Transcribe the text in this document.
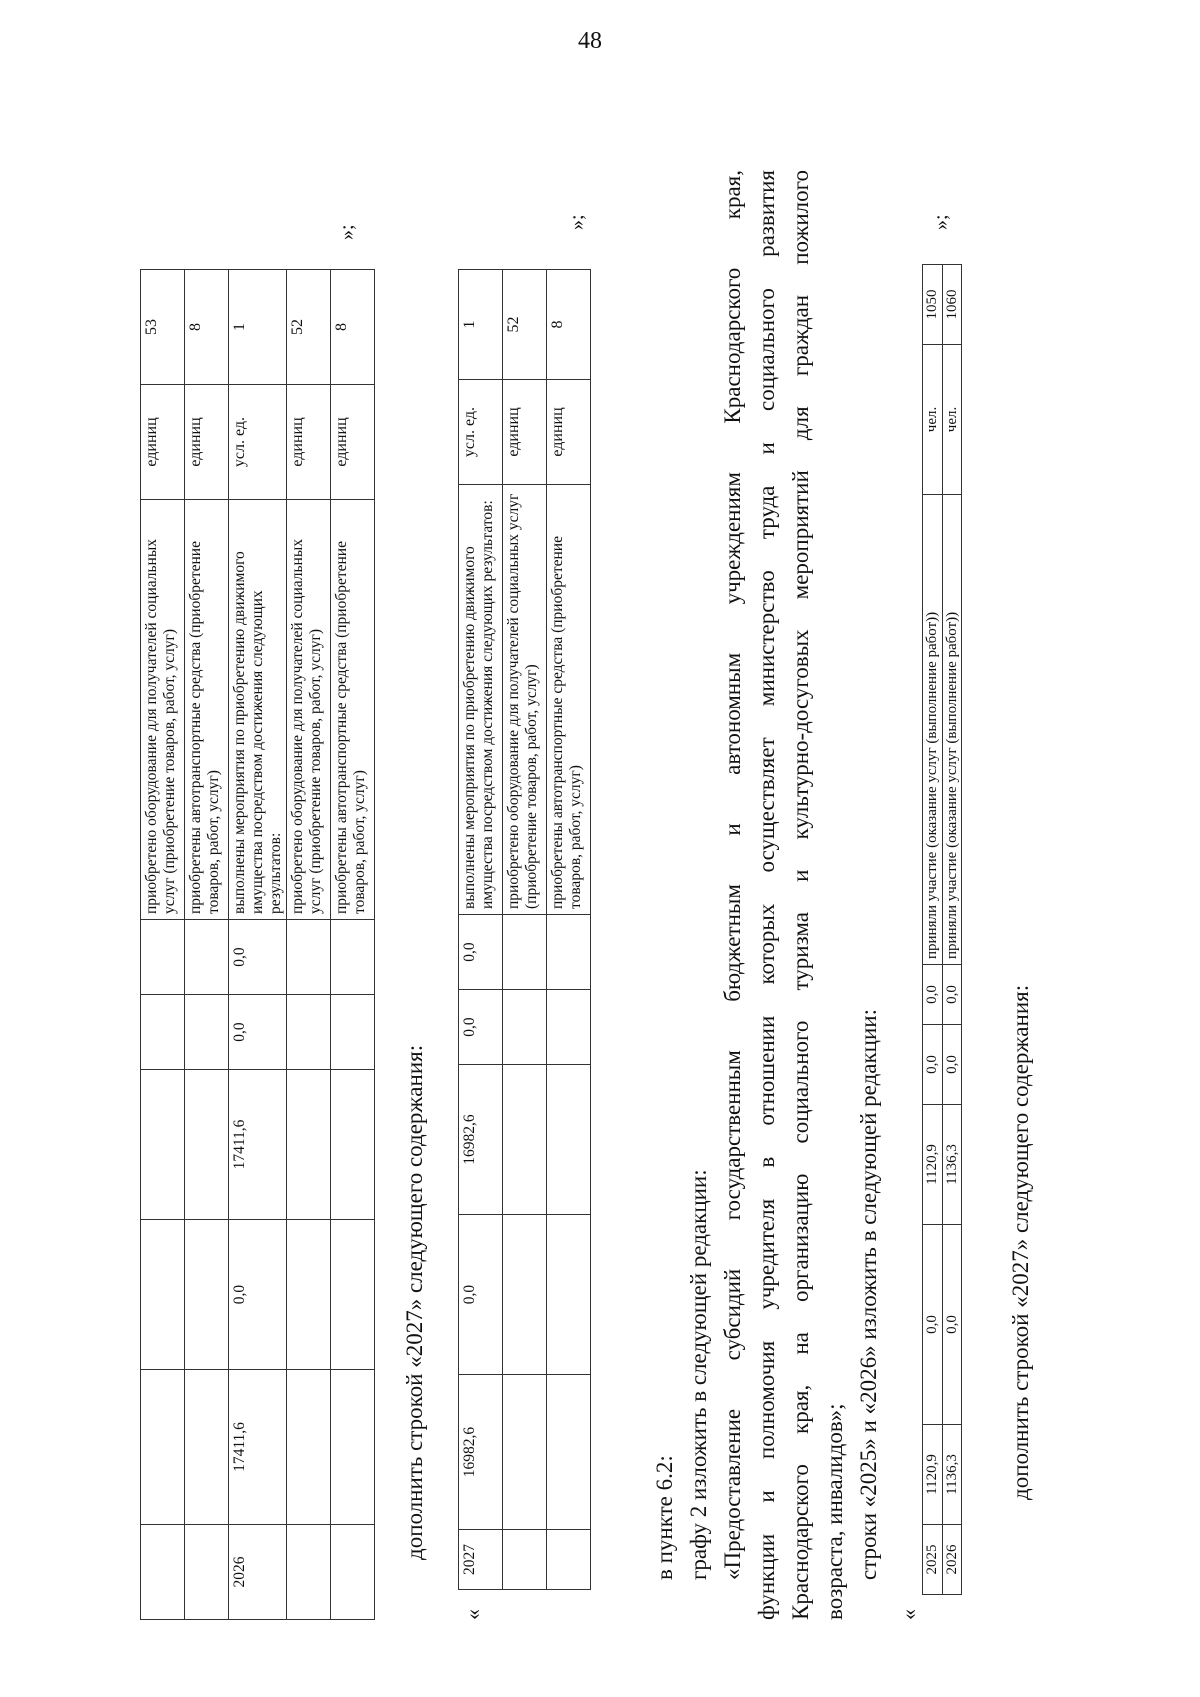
48
						приобретено оборудование для получателей социальных услуг (приобретение товаров, работ, услуг)	единиц	53
						приобретены автотранспортные средства (приобретение товаров, работ, услуг)	единиц	8
2026	17411,6	0,0	17411,6	0,0	0,0	выполнены мероприятия по приобретению движимого имущества посредством достижения следующих результатов:	усл. ед.	1
						приобретено оборудование для получателей социальных услуг (приобретение товаров, работ, услуг)	единиц	52
						приобретены автотранспортные средства (приобретение товаров, работ, услуг)	единиц	8
»;
дополнить строкой «2027» следующего содержания:
«
2027	16982,6	0,0	16982,6	0,0	0,0	выполнены мероприятия по приобретению движимого имущества посредством достижения следующих результатов:	усл. ед.	1
						приобретено оборудование для получателей социальных услуг (приобретение товаров, работ, услуг)	единиц	52
						приобретены автотранспортные средства (приобретение товаров, работ, услуг)	единиц	8
»;
в пункте 6.2: графу 2 изложить в следующей редакции: «Предоставление субсидий государственным бюджетным и автономным учреждениям Краснодарского края, функции и полномочия учредителя в отношении которых осуществляет министерство труда и социального развития Краснодарского края, на организацию социального туризма и культурно-досуговых мероприятий для граждан пожилого возраста, инвалидов»; строки «2025» и «2026» изложить в следующей редакции:
«
2025	1120,9	0,0	1120,9	0,0	0,0	приняли участие (оказание услуг (выполнение работ))	чел.	1050
2026	1136,3	0,0	1136,3	0,0	0,0	приняли участие (оказание услуг (выполнение работ))	чел.	1060
»;
дополнить строкой «2027» следующего содержания:
